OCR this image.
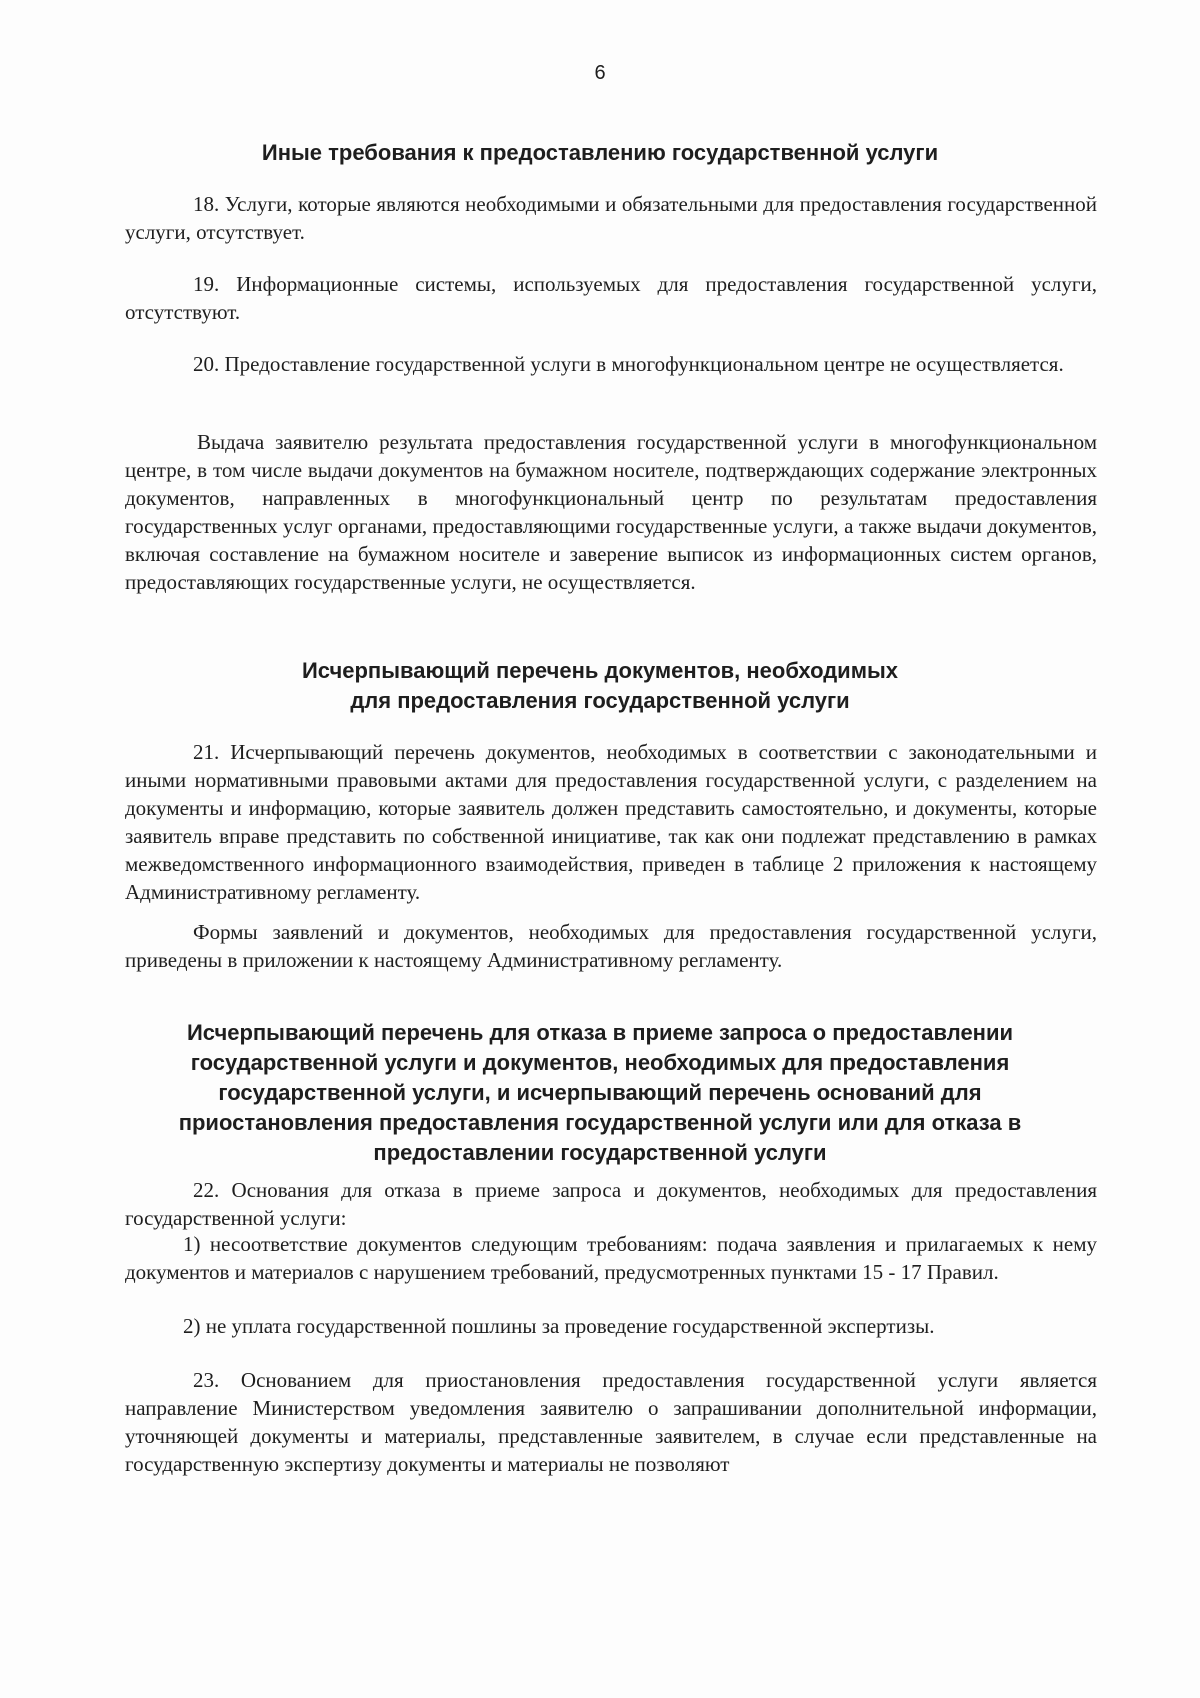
6
Иные требования к предоставлению государственной услуги

18. Услуги, которые являются необходимыми и обязательными для предоставления государственной услуги, отсутствует.

19. Информационные системы, используемых для предоставления государственной услуги, отсутствуют.

20. Предоставление государственной услуги в многофункциональном центре не осуществляется.

Выдача заявителю результата предоставления государственной услуги в многофункциональном центре, в том числе выдачи документов на бумажном носителе, подтверждающих содержание электронных документов, направленных в многофункциональный центр по результатам предоставления государственных услуг органами, предоставляющими государственные услуги, а также выдачи документов, включая составление на бумажном носителе и заверение выписок из информационных систем органов, предоставляющих государственные услуги, не осуществляется.

Исчерпывающий перечень документов, необходимых
для предоставления государственной услуги

21. Исчерпывающий перечень документов, необходимых в соответствии с законодательными и иными нормативными правовыми актами для предоставления государственной услуги, с разделением на документы и информацию, которые заявитель должен представить самостоятельно, и документы, которые заявитель вправе представить по собственной инициативе, так как они подлежат представлению в рамках межведомственного информационного взаимодействия, приведен в таблице 2 приложения к настоящему Административному регламенту.

Формы заявлений и документов, необходимых для предоставления государственной услуги, приведены в приложении к настоящему Административному регламенту.

Исчерпывающий перечень для отказа в приеме запроса о предоставлении
государственной услуги и документов, необходимых для предоставления
государственной услуги, и исчерпывающий перечень оснований для
приостановления предоставления государственной услуги или для отказа в
предоставлении государственной услуги

22. Основания для отказа в приеме запроса и документов, необходимых для предоставления государственной услуги:

1) несоответствие документов следующим требованиям: подача заявления и прилагаемых к нему документов и материалов с нарушением требований, предусмотренных пунктами 15 - 17 Правил.

2) не уплата государственной пошлины за проведение государственной экспертизы.

23. Основанием для приостановления предоставления государственной услуги является направление Министерством уведомления заявителю о запрашивании дополнительной информации, уточняющей документы и материалы, представленные заявителем, в случае если представленные на государственную экспертизу документы и материалы не позволяют
